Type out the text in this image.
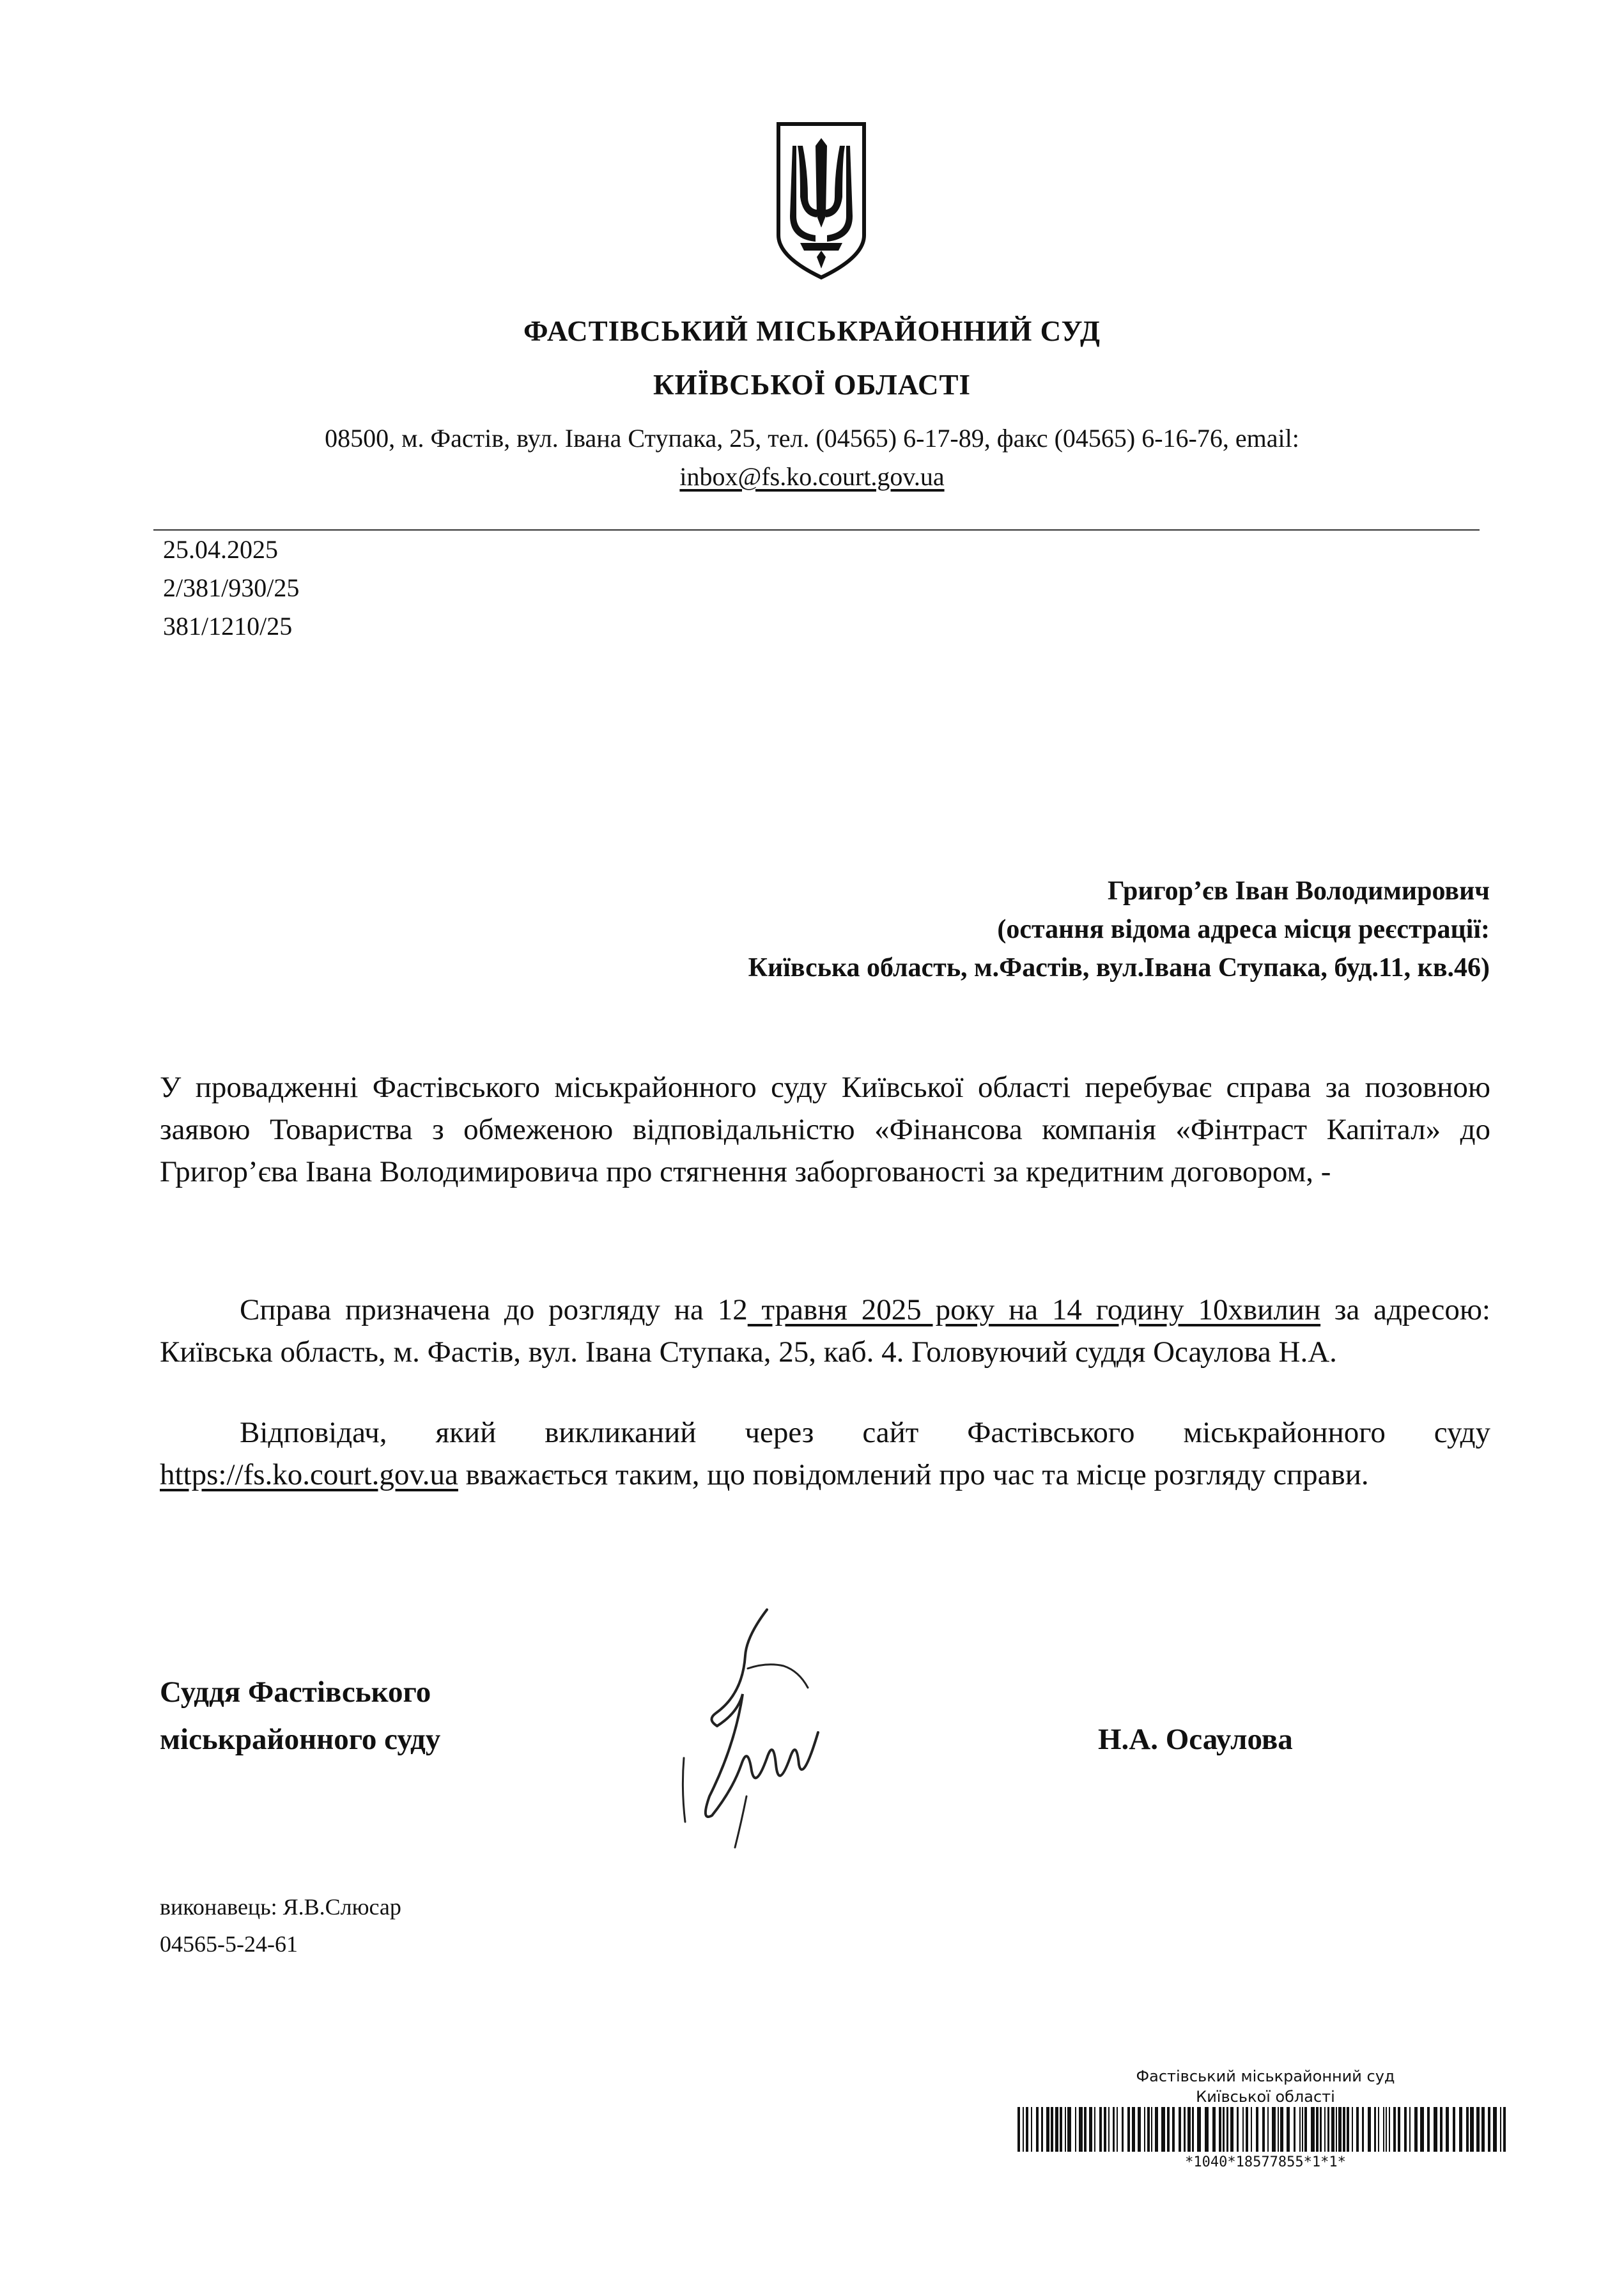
ФАСТІВСЬКИЙ МІСЬКРАЙОННИЙ СУД
КИЇВСЬКОЇ ОБЛАСТІ
08500, м. Фастів, вул. Івана Ступака, 25, тел. (04565) 6-17-89, факс (04565) 6-16-76, email:
inbox@fs.ko.court.gov.ua
25.04.2025
2/381/930/25
381/1210/25
Григор’єв Іван Володимирович
(остання відома адреса місця реєстрації:
Київська область, м.Фастів, вул.Івана Ступака, буд.11, кв.46)
У провадженні Фастівського міськрайонного суду Київської області перебуває справа за позовною заявою Товариства з обмеженою відповідальністю «Фінансова компанія «Фінтраст Капітал» до Григор’єва Івана Володимировича про стягнення заборгованості за кредитним договором, -
Справа призначена до розгляду на 12 травня 2025 року на 14 годину 10хвилин за адресою: Київська область, м. Фастів, вул. Івана Ступака, 25, каб. 4. Головуючий суддя Осаулова Н.А.
Відповідач, який викликаний через сайт Фастівського міськрайонного суду https://fs.ko.court.gov.ua вважається таким, що повідомлений про час та місце розгляду справи.
Суддя Фастівського
міськрайонного суду	Н.А. Осаулова
виконавець: Я.В.Слюсар
04565-5-24-61
Фастівський міськрайонний суд
Київської області
*1040*18577855*1*1*
